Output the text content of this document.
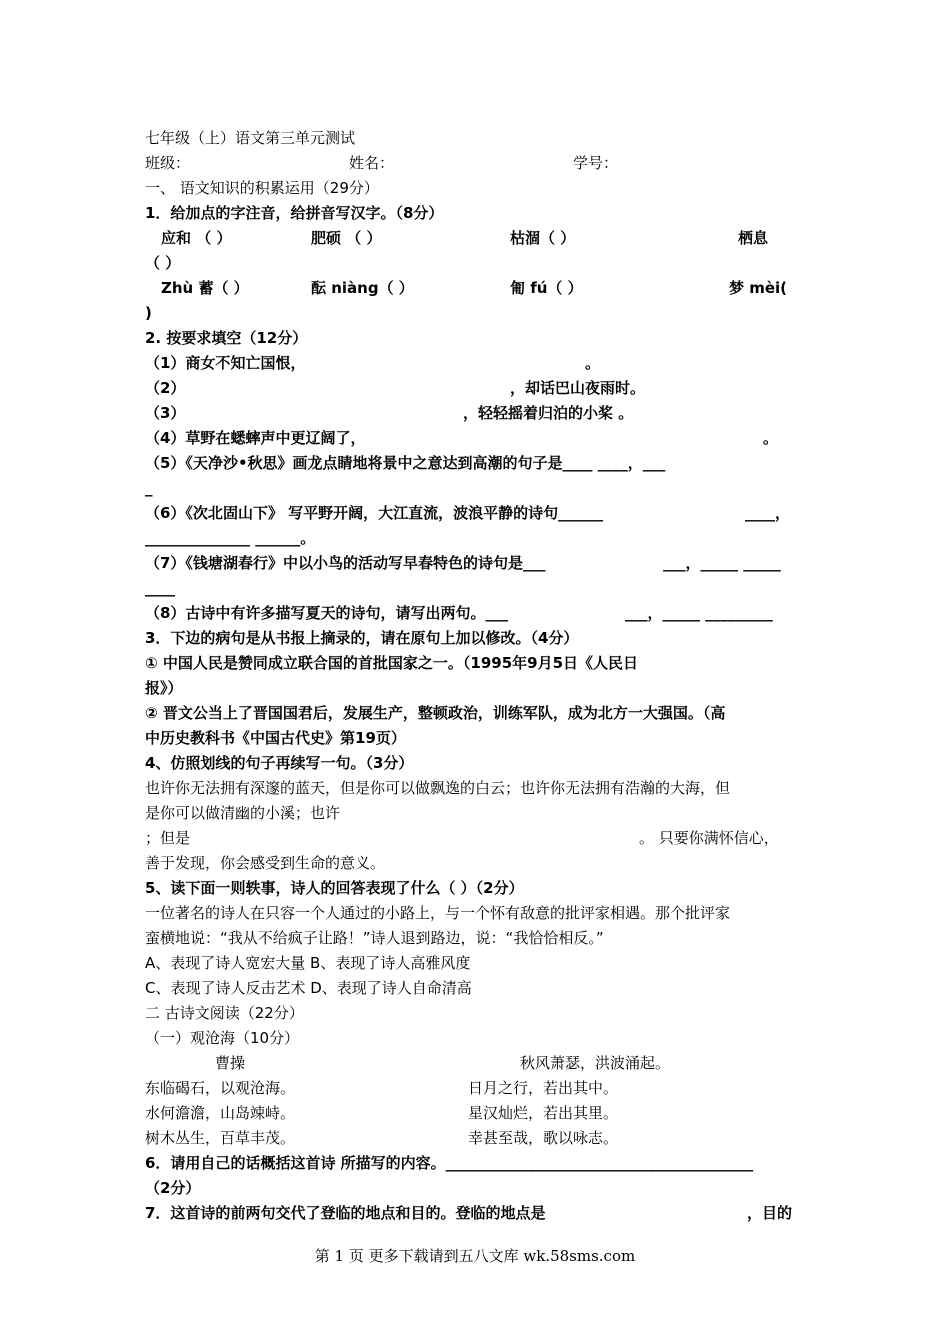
七年级（上）语文第三单元测试
班级：	姓名：	学号：
一、 语文知识的积累运用（29分）
1．给加点的字注音，给拼音写汉字。（8分）
应和 （ ）	肥硕 （ ）	枯涸（ ）	栖息
（ ）
Zhù 蓄（ ）	酝 niàng（ ）	匍 fú（ ）	梦 mèi(
)
2. 按要求填空（12分）
（1）商女不知亡国恨，	。
（2）	，却话巴山夜雨时。
（3）	，轻轻摇着归泊的小桨 。
（4）草野在蟋蟀声中更辽阔了，	。
（5）《天净沙•秋思》画龙点睛地将景中之意达到高潮的句子是____ ____，___
_
（6）《次北固山下》 写平野开阔，大江直流，波浪平静的诗句______	____，
______________ ______。
（7）《钱塘湖春行》中以小鸟的活动写早春特色的诗句是___	___，_____ _____
____
（8）古诗中有许多描写夏天的诗句，请写出两句。___	___，_____ _________
3．下边的病句是从书报上摘录的，请在原句上加以修改。（4分）
① 中国人民是赞同成立联合国的首批国家之一。（1995年9月5日《人民日
报》）
② 晋文公当上了晋国国君后，发展生产，整顿政治，训练军队，成为北方一大强国。（高
中历史教科书《中国古代史》第19页）
4、仿照划线的句子再续写一句。（3分）
也许你无法拥有深邃的蓝天，但是你可以做飘逸的白云；也许你无法拥有浩瀚的大海，但
是你可以做清幽的小溪；也许
；但是	。 只要你满怀信心，
善于发现，你会感受到生命的意义。
5、读下面一则轶事，诗人的回答表现了什么（ ）（2分）
一位著名的诗人在只容一个人通过的小路上，与一个怀有敌意的批评家相遇。那个批评家
蛮横地说：“我从不给疯子让路！”诗人退到路边，说：“我恰恰相反。”
A、表现了诗人宽宏大量 B、表现了诗人高雅风度
C、表现了诗人反击艺术 D、表现了诗人自命清高
二 古诗文阅读（22分）
（一）观沧海（10分）
曹操	秋风萧瑟，洪波涌起。
东临碣石，以观沧海。	日月之行，若出其中。
水何澹澹，山岛竦峙。	星汉灿烂，若出其里。
树木丛生，百草丰茂。	幸甚至哉，歌以咏志。
6．请用自己的话概括这首诗 所描写的内容。_________________________________________
（2分）
7．这首诗的前两句交代了登临的地点和目的。登临的地点是	，目的
第 1 页 更多下载请到五八文库 wk.58sms.com
